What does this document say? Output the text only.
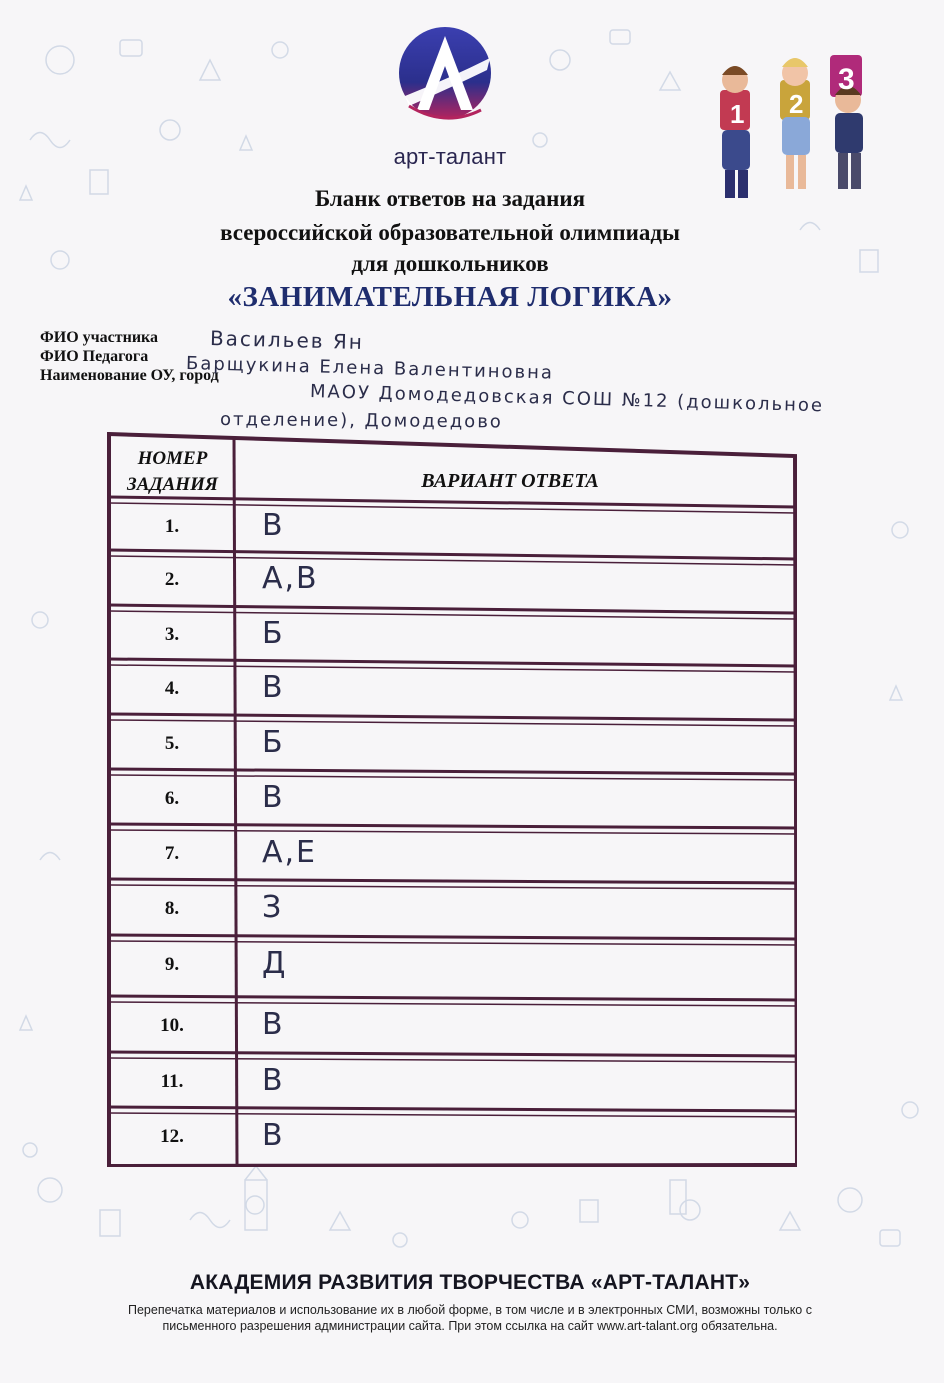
арт-талант
1 2
3
Бланк ответов на задания
всероссийской образовательной олимпиады
для дошкольников
«ЗАНИМАТЕЛЬНАЯ ЛОГИКА»
ФИО участника
ФИО Педагога
Наименование ОУ, город
Васильев Ян
Барщукина Елена Валентиновна
МАОУ Домодедовская СОШ №12 (дошкольное
отделение), Домодедово
НОМЕР
ЗАДАНИЯ	ВАРИАНТ ОТВЕТА
1.	В
2.	А,В
3.	Б
4.	В
5.	Б
6.	В
7.	А,Е
8.	З
9.	Д
10.	В
11.	В
12.	В
АКАДЕМИЯ РАЗВИТИЯ ТВОРЧЕСТВА «АРТ-ТАЛАНТ»
Перепечатка материалов и использование их в любой форме, в том числе и в электронных СМИ, возможны только с
письменного разрешения администрации сайта. При этом ссылка на сайт www.art-talant.org обязательна.
